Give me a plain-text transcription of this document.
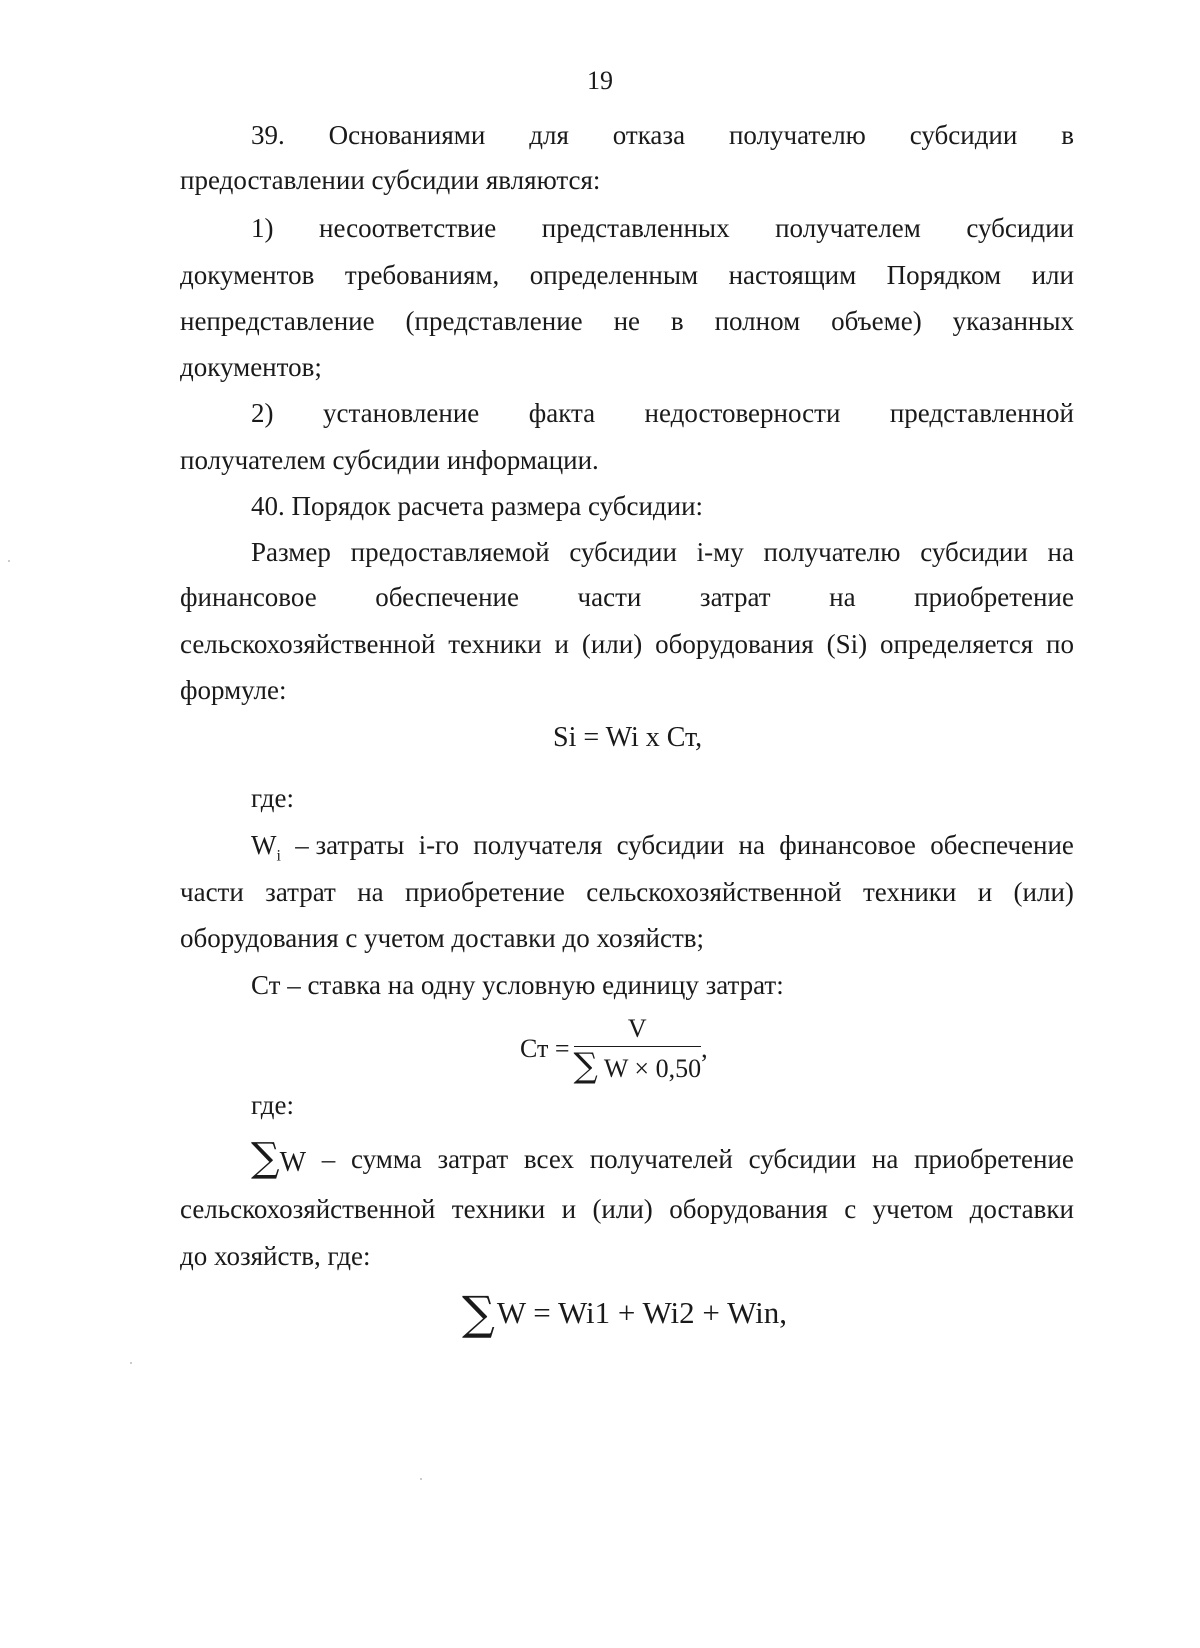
19
39. Основаниями для отказа получателю субсидии в
предоставлении субсидии являются:
1) несоответствие представленных получателем субсидии
документов требованиям, определенным настоящим Порядком или
непредставление (представление не в полном объеме) указанных
документов;
2) установление факта недостоверности представленной
получателем субсидии информации.
40. Порядок расчета размера субсидии:
Размер предоставляемой субсидии i-му получателю субсидии на
финансовое обеспечение части затрат на приобретение
сельскохозяйственной техники и (или) оборудования (Si) определяется по
формуле:
Si = Wi x Ст,
где:
$W_i$ – затраты i-го получателя субсидии на финансовое обеспечение
части затрат на приобретение сельскохозяйственной техники и (или)
оборудования с учетом доставки до хозяйств;
Ст – ставка на одну условную единицу затрат:
Ст = $\frac{V}{\sum W \times 0,50}$ ,
где:
∑W – сумма затрат всех получателей субсидии на приобретение
сельскохозяйственной техники и (или) оборудования с учетом доставки
до хозяйств, где:
∑ W = Wi1 + Wi2 + Win,
